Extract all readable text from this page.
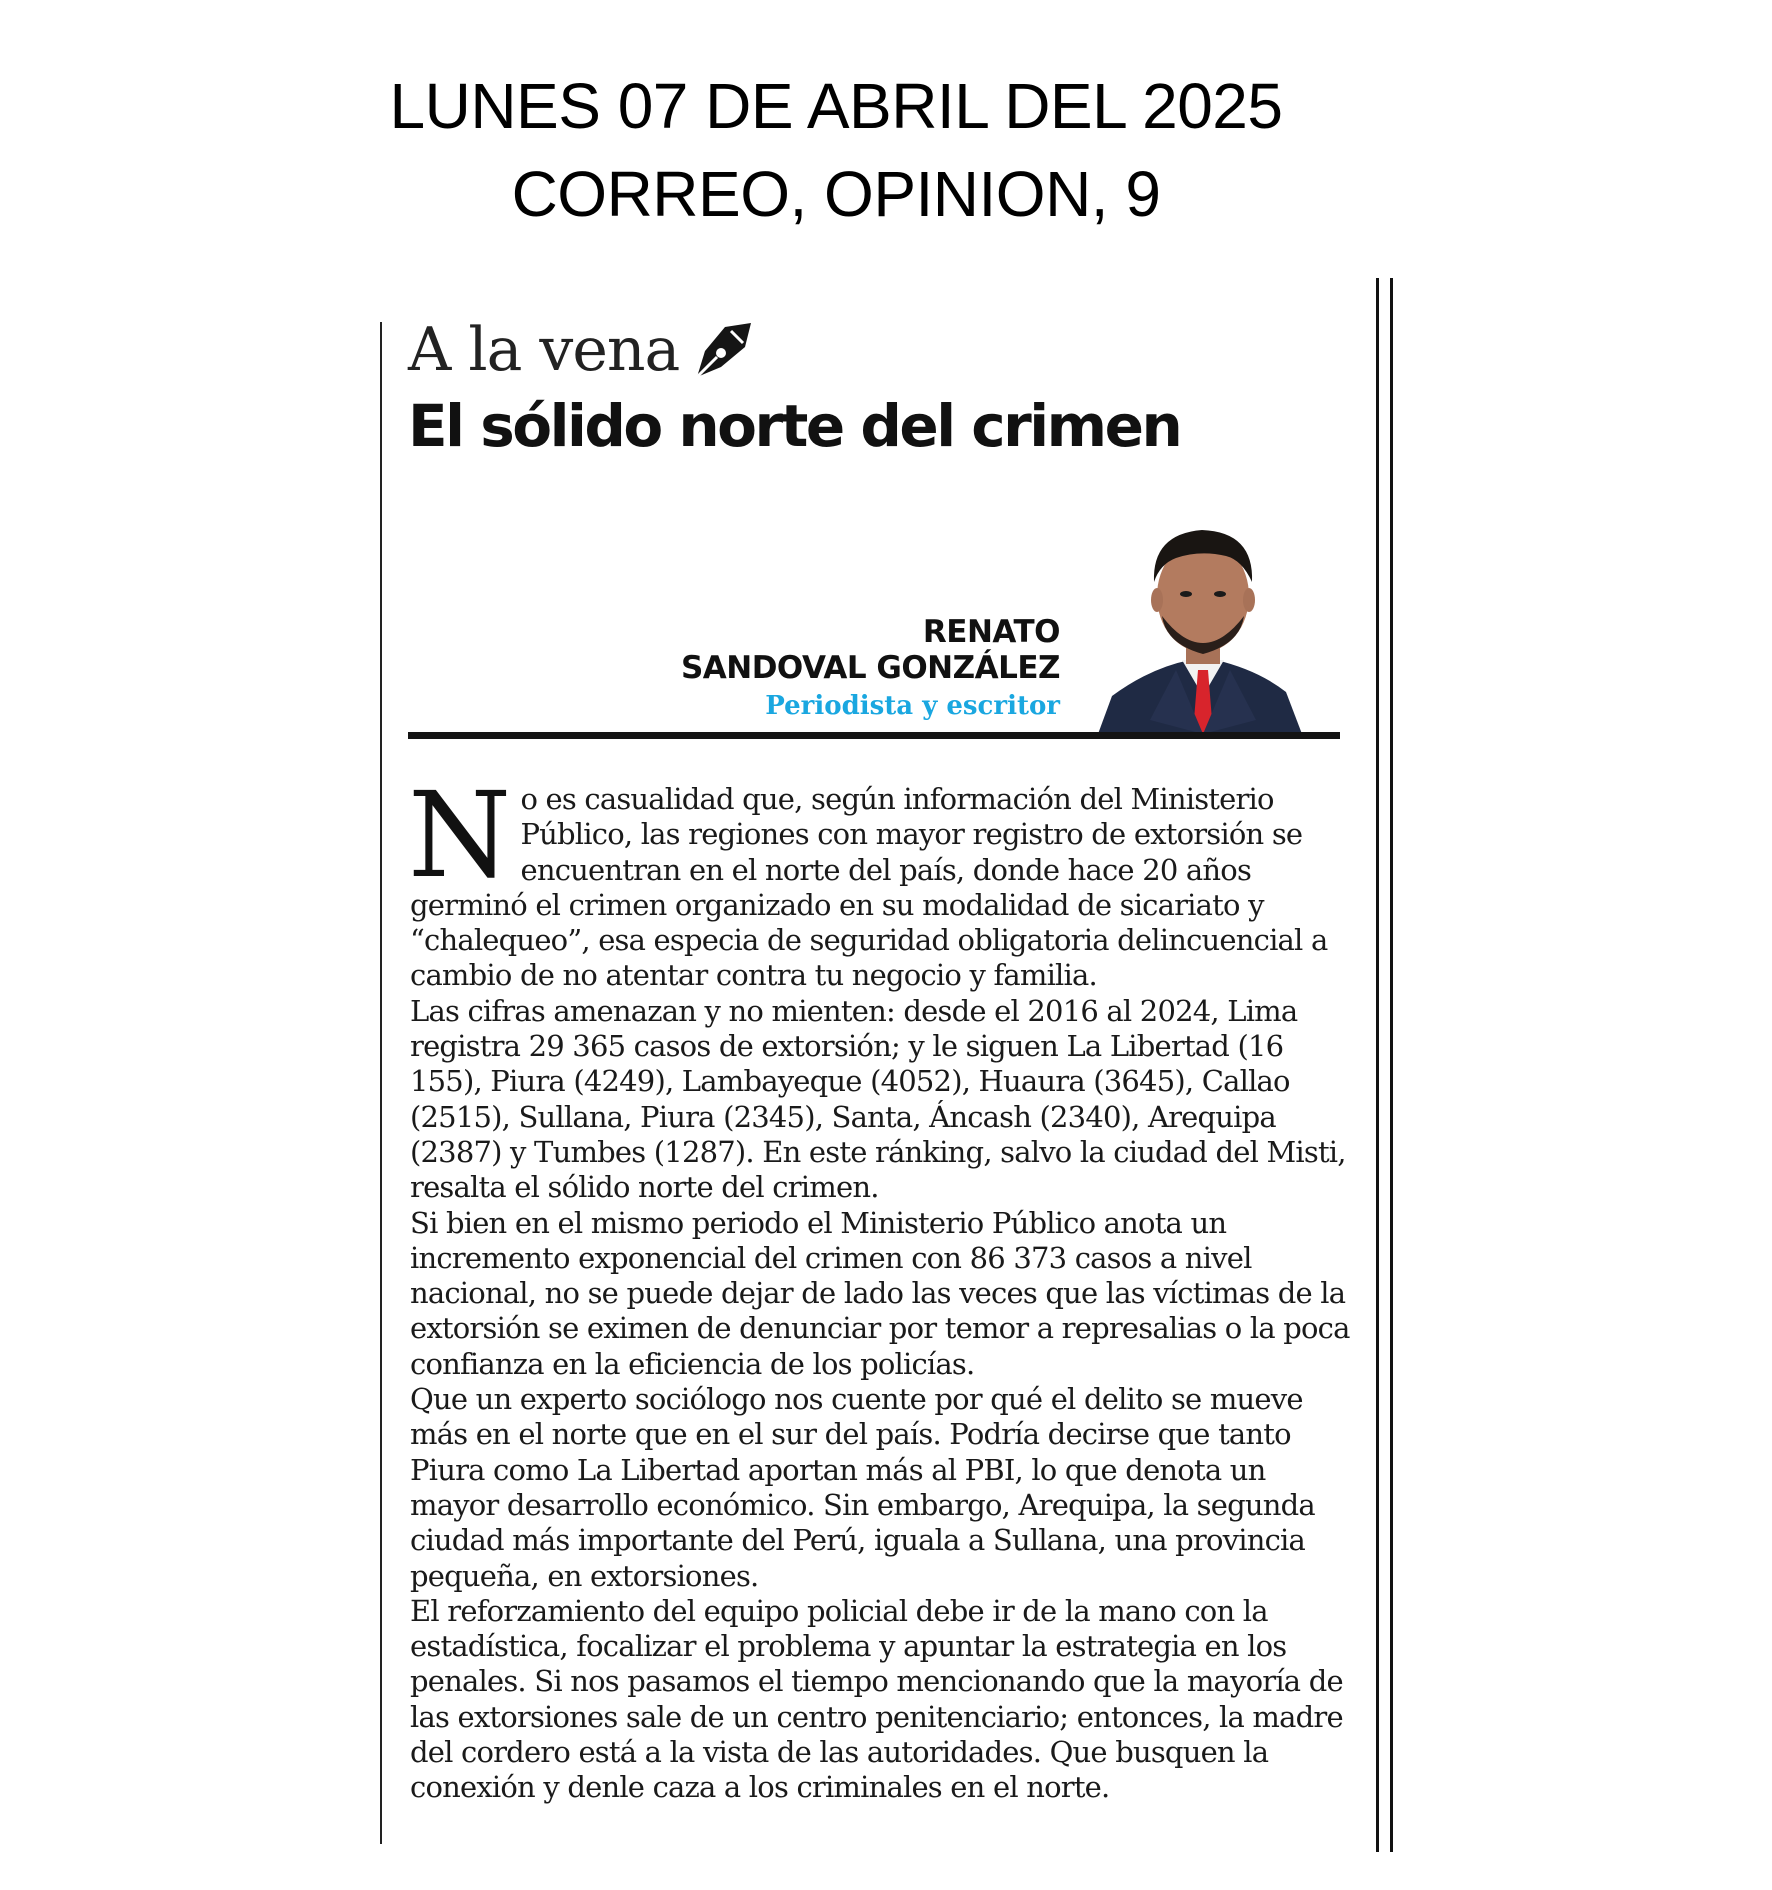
LUNES 07 DE ABRIL DEL 2025
CORREO, OPINION, 9
A la vena
El sólido norte del crimen
RENATO
SANDOVAL GONZÁLEZ
Periodista y escritor

No es casualidad que, según información del Ministerio Público, las regiones con mayor registro de extorsión se encuentran en el norte del país, donde hace 20 años germinó el crimen organizado en su modalidad de sicariato y “chalequeo”, esa especia de seguridad obligatoria delincuencial a cambio de no atentar contra tu negocio y familia.

Las cifras amenazan y no mienten: desde el 2016 al 2024, Lima registra 29 365 casos de extorsión; y le siguen La Libertad (16 155), Piura (4249), Lambayeque (4052), Huaura (3645), Callao (2515), Sullana, Piura (2345), Santa, Áncash (2340), Arequipa (2387) y Tumbes (1287). En este ránking, salvo la ciudad del Misti, resalta el sólido norte del crimen.

Si bien en el mismo periodo el Ministerio Público anota un incremento exponencial del crimen con 86 373 casos a nivel nacional, no se puede dejar de lado las veces que las víctimas de la extorsión se eximen de denunciar por temor a represalias o la poca confianza en la eficiencia de los policías.

Que un experto sociólogo nos cuente por qué el delito se mueve más en el norte que en el sur del país. Podría decirse que tanto Piura como La Libertad aportan más al PBI, lo que denota un mayor desarrollo económico. Sin embargo, Arequipa, la segunda ciudad más importante del Perú, iguala a Sullana, una provincia pequeña, en extorsiones.

El reforzamiento del equipo policial debe ir de la mano con la estadística, focalizar el problema y apuntar la estrategia en los penales. Si nos pasamos el tiempo mencionando que la mayoría de las extorsiones sale de un centro penitenciario; entonces, la madre del cordero está a la vista de las autoridades. Que busquen la conexión y denle caza a los criminales en el norte.
